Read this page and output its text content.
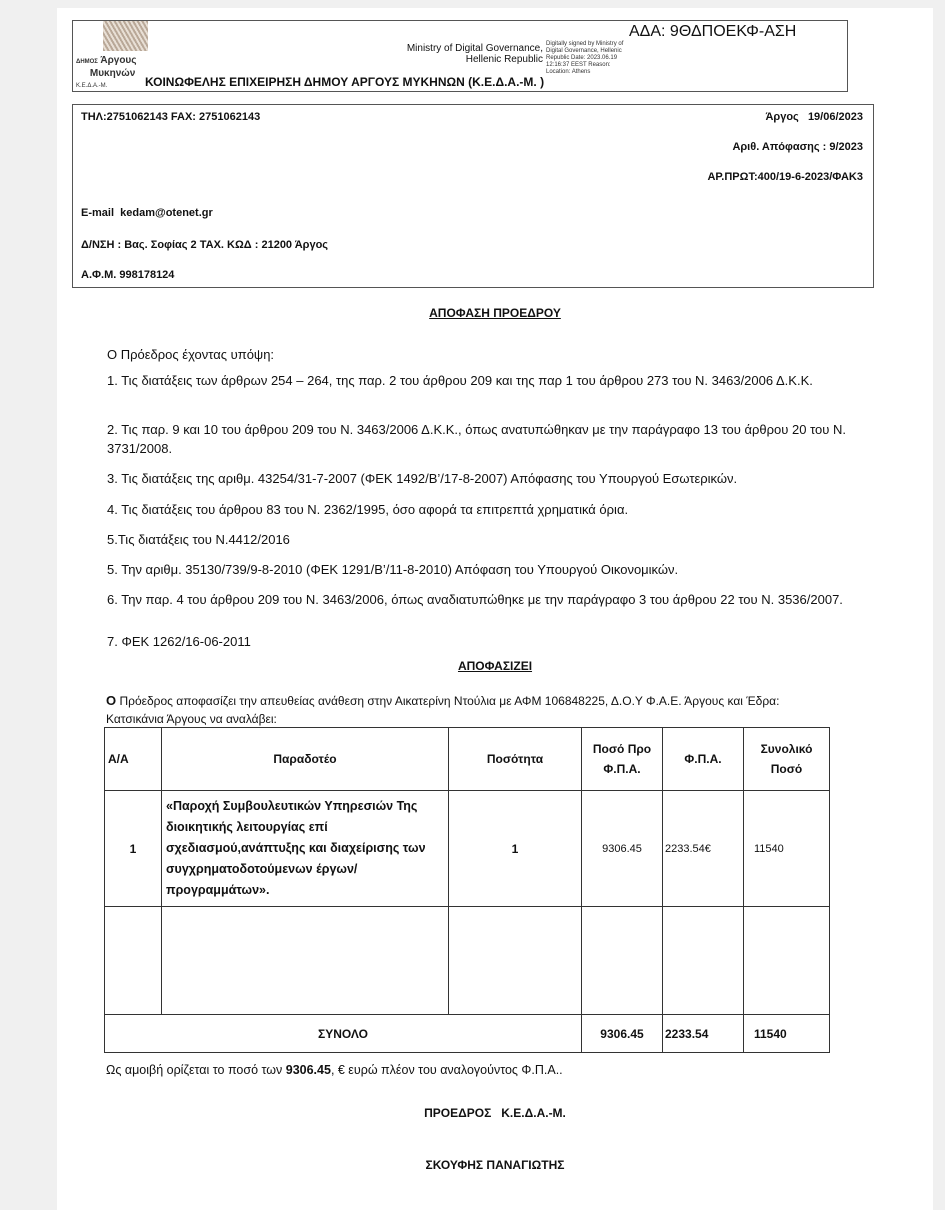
ΔΗΜΟΣ Άργους
Μυκηνών
Κ.Ε.Δ.Α.-Μ.	ΚΟΙΝΩΦΕΛΗΣ ΕΠΙΧΕΙΡΗΣΗ ΔΗΜΟΥ ΑΡΓΟΥΣ ΜΥΚΗΝΩΝ (Κ.Ε.Δ.Α.-Μ. )
ΑΔΑ: 9ΘΔΠΟΕΚΦ-ΑΣΗ
Ministry of Digital Governance, Hellenic Republic
Digitally signed by Ministry of Digital Governance, Hellenic Republic Date: 2023.06.19 12:16:37 EEST Reason: Location: Athens
ΤΗΛ:2751062143 FAX: 2751062143	Άργος   19/06/2023
Αριθ. Απόφασης : 9/2023
ΑΡ.ΠΡΩΤ:400/19-6-2023/ΦΑΚ3
E-mail  kedam@otenet.gr
Δ/ΝΣΗ : Βας. Σοφίας 2 ΤΑΧ. ΚΩΔ : 21200 Άργος
Α.Φ.Μ. 998178124
ΑΠΟΦΑΣΗ ΠΡΟΕΔΡΟΥ
Ο Πρόεδρος έχοντας υπόψη:
1. Τις διατάξεις των άρθρων 254 – 264, της παρ. 2 του άρθρου 209 και της παρ 1 του άρθρου 273 του Ν. 3463/2006 Δ.Κ.Κ.
2. Τις παρ. 9 και 10 του άρθρου 209 του Ν. 3463/2006 Δ.Κ.Κ., όπως ανατυπώθηκαν με την παράγραφο 13 του άρθρου 20 του Ν. 3731/2008.
3. Τις διατάξεις της αριθμ. 43254/31-7-2007 (ΦΕΚ 1492/Β’/17-8-2007) Απόφασης του Υπουργού Εσωτερικών.
4. Τις διατάξεις του άρθρου 83 του Ν. 2362/1995, όσο αφορά τα επιτρεπτά χρηματικά όρια.
5.Τις διατάξεις του Ν.4412/2016
5. Την αριθμ. 35130/739/9-8-2010 (ΦΕΚ 1291/Β’/11-8-2010) Απόφαση του Υπουργού Οικονομικών.
6. Την παρ. 4 του άρθρου 209 του Ν. 3463/2006, όπως αναδιατυπώθηκε με την παράγραφο 3 του άρθρου 22 του Ν. 3536/2007.
7. ΦΕΚ 1262/16-06-2011
ΑΠΟΦΑΣΙΖΕΙ
Ο Πρόεδρος αποφασίζει την απευθείας ανάθεση στην Αικατερίνη Ντούλια με ΑΦΜ 106848225, Δ.Ο.Υ Φ.Α.Ε. Άργους και Έδρα: Κατσικάνια Άργους να αναλάβει:
Α/Α	Παραδοτέο	Ποσότητα	Ποσό Προ Φ.Π.Α.	Φ.Π.Α.	Συνολικό Ποσό
1	«Παροχή Συμβουλευτικών Υπηρεσιών Της διοικητικής λειτουργίας επί σχεδιασμού,ανάπτυξης και διαχείρισης των συγχρηματοδοτούμενων έργων/προγραμμάτων».	1	9306.45	2233.54€	11540

ΣΥΝΟΛΟ			9306.45	2233.54	11540
Ως αμοιβή ορίζεται το ποσό των 9306.45, € ευρώ πλέον του αναλογούντος Φ.Π.Α..
ΠΡΟΕΔΡΟΣ   Κ.Ε.Δ.Α.-Μ.
ΣΚΟΥΦΗΣ ΠΑΝΑΓΙΩΤΗΣ
